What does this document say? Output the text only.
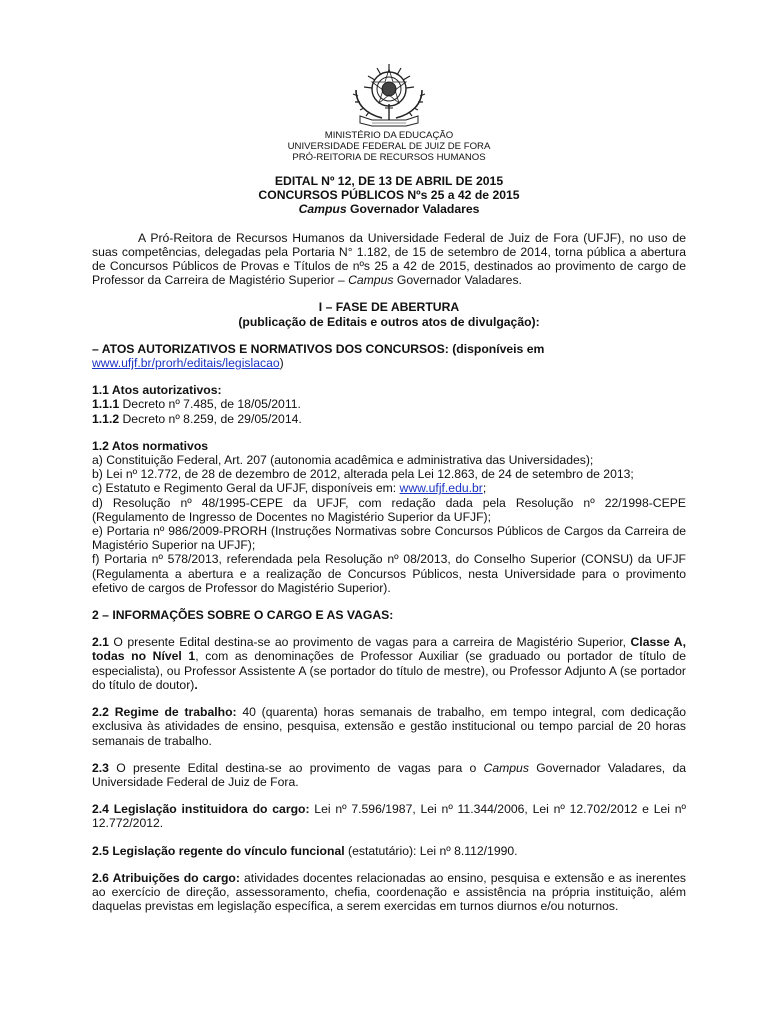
MINISTÉRIO DA EDUCAÇÃO
UNIVERSIDADE FEDERAL DE JUIZ DE FORA
PRÓ-REITORIA DE RECURSOS HUMANOS
EDITAL Nº 12, DE 13 DE ABRIL DE 2015
CONCURSOS PÚBLICOS Nºs 25 a 42 de 2015
Campus Governador Valadares

A Pró-Reitora de Recursos Humanos da Universidade Federal de Juiz de Fora (UFJF), no uso de suas competências, delegadas pela Portaria N° 1.182, de 15 de setembro de 2014, torna pública a abertura de Concursos Públicos de Provas e Títulos de nºs 25 a 42 de 2015, destinados ao provimento de cargo de Professor da Carreira de Magistério Superior – Campus Governador Valadares.

I – FASE DE ABERTURA
(publicação de Editais e outros atos de divulgação):

– ATOS AUTORIZATIVOS E NORMATIVOS DOS CONCURSOS: (disponíveis em
www.ufjf.br/prorh/editais/legislacao)

1.1 Atos autorizativos:
1.1.1 Decreto nº 7.485, de 18/05/2011.
1.1.2 Decreto nº 8.259, de 29/05/2014.
1.2 Atos normativos
a) Constituição Federal, Art. 207 (autonomia acadêmica e administrativa das Universidades);
b) Lei nº 12.772, de 28 de dezembro de 2012, alterada pela Lei 12.863, de 24 de setembro de 2013;
c) Estatuto e Regimento Geral da UFJF, disponíveis em: www.ufjf.edu.br;
d) Resolução nº 48/1995-CEPE da UFJF, com redação dada pela Resolução nº 22/1998-CEPE (Regulamento de Ingresso de Docentes no Magistério Superior da UFJF);
e) Portaria nº 986/2009-PRORH (Instruções Normativas sobre Concursos Públicos de Cargos da Carreira de Magistério Superior na UFJF);
f) Portaria nº 578/2013, referendada pela Resolução nº 08/2013, do Conselho Superior (CONSU) da UFJF (Regulamenta a abertura e a realização de Concursos Públicos, nesta Universidade para o provimento efetivo de cargos de Professor do Magistério Superior).
2 – INFORMAÇÕES SOBRE O CARGO E AS VAGAS:

2.1 O presente Edital destina-se ao provimento de vagas para a carreira de Magistério Superior, Classe A, todas no Nível 1, com as denominações de Professor Auxiliar (se graduado ou portador de título de especialista), ou Professor Assistente A (se portador do título de mestre), ou Professor Adjunto A (se portador do título de doutor).

2.2 Regime de trabalho: 40 (quarenta) horas semanais de trabalho, em tempo integral, com dedicação exclusiva às atividades de ensino, pesquisa, extensão e gestão institucional ou tempo parcial de 20 horas semanais de trabalho.

2.3 O presente Edital destina-se ao provimento de vagas para o Campus Governador Valadares, da Universidade Federal de Juiz de Fora.

2.4 Legislação instituidora do cargo: Lei nº 7.596/1987, Lei nº 11.344/2006, Lei nº 12.702/2012 e Lei nº 12.772/2012.

2.5 Legislação regente do vínculo funcional (estatutário): Lei nº 8.112/1990.

2.6 Atribuições do cargo: atividades docentes relacionadas ao ensino, pesquisa e extensão e as inerentes ao exercício de direção, assessoramento, chefia, coordenação e assistência na própria instituição, além daquelas previstas em legislação específica, a serem exercidas em turnos diurnos e/ou noturnos.
